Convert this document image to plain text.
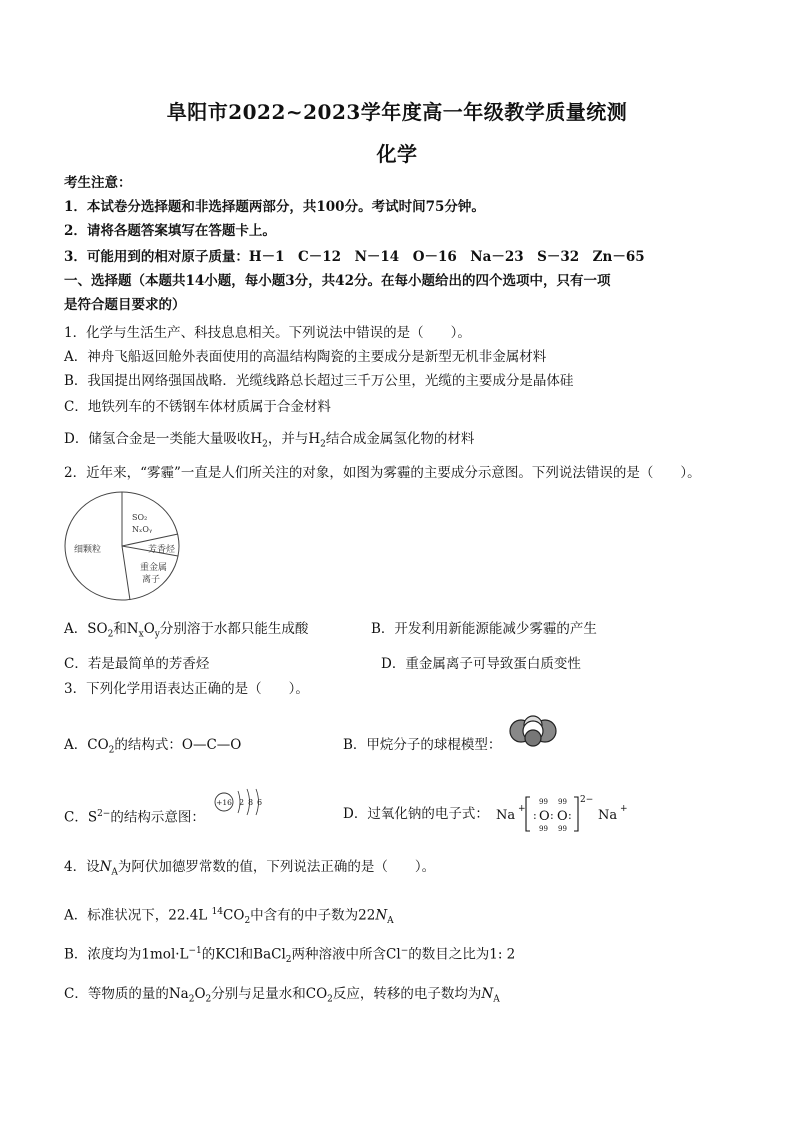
阜阳市2022~2023学年度高一年级教学质量统测
化学
考生注意：
1．本试卷分选择题和非选择题两部分，共100分。考试时间75分钟。
2．请将各题答案填写在答题卡上。
3．可能用到的相对原子质量：H－1　C－12　N－14　O－16　Na－23　S－32　Zn－65
一、选择题（本题共14小题，每小题3分，共42分。在每小题给出的四个选项中，只有一项
是符合题目要求的）
1．化学与生活生产、科技息息相关。下列说法中错误的是（　　）。
A．神舟飞船返回舱外表面使用的高温结构陶瓷的主要成分是新型无机非金属材料
B．我国提出网络强国战略．光缆线路总长超过三千万公里，光缆的主要成分是晶体硅
C．地铁列车的不锈钢车体材质属于合金材料
D．储氢合金是一类能大量吸收$H_2$，并与$H_2$结合成金属氢化物的材料
2．近年来，“雾霾”一直是人们所关注的对象，如图为雾霾的主要成分示意图。下列说法错误的是（　　）。
细颗粒
SO₂
NₓOᵧ
芳香烃
重金属
离子
A．$SO_2$和$N_xO_y$分别溶于水都只能生成酸	B．开发利用新能源能减少雾霾的产生
C．若是最简单的芳香烃	D．重金属离子可导致蛋白质变性
3．下列化学用语表达正确的是（　　）。
A．$CO_2$的结构式：O—C—O	B．甲烷分子的球棍模型：
C．$S^{2-}$的结构示意图：
+16 2 8 6
D．过氧化钠的电子式： Na +
99
99
: O :
99
99
O :
2−
Na +
4．设$N_A$为阿伏加德罗常数的值，下列说法正确的是（　　）。
A．标准状况下，22.4L $^{14}CO_2$中含有的中子数为$22N_A$
B．浓度均为$1mol\cdot L^{-1}$的KCl和BaCl$_2$两种溶液中所含Cl−的数目之比为1: 2
C．等物质的量的$Na_2O_2$分别与足量水和$CO_2$反应，转移的电子数均为$N_A$
